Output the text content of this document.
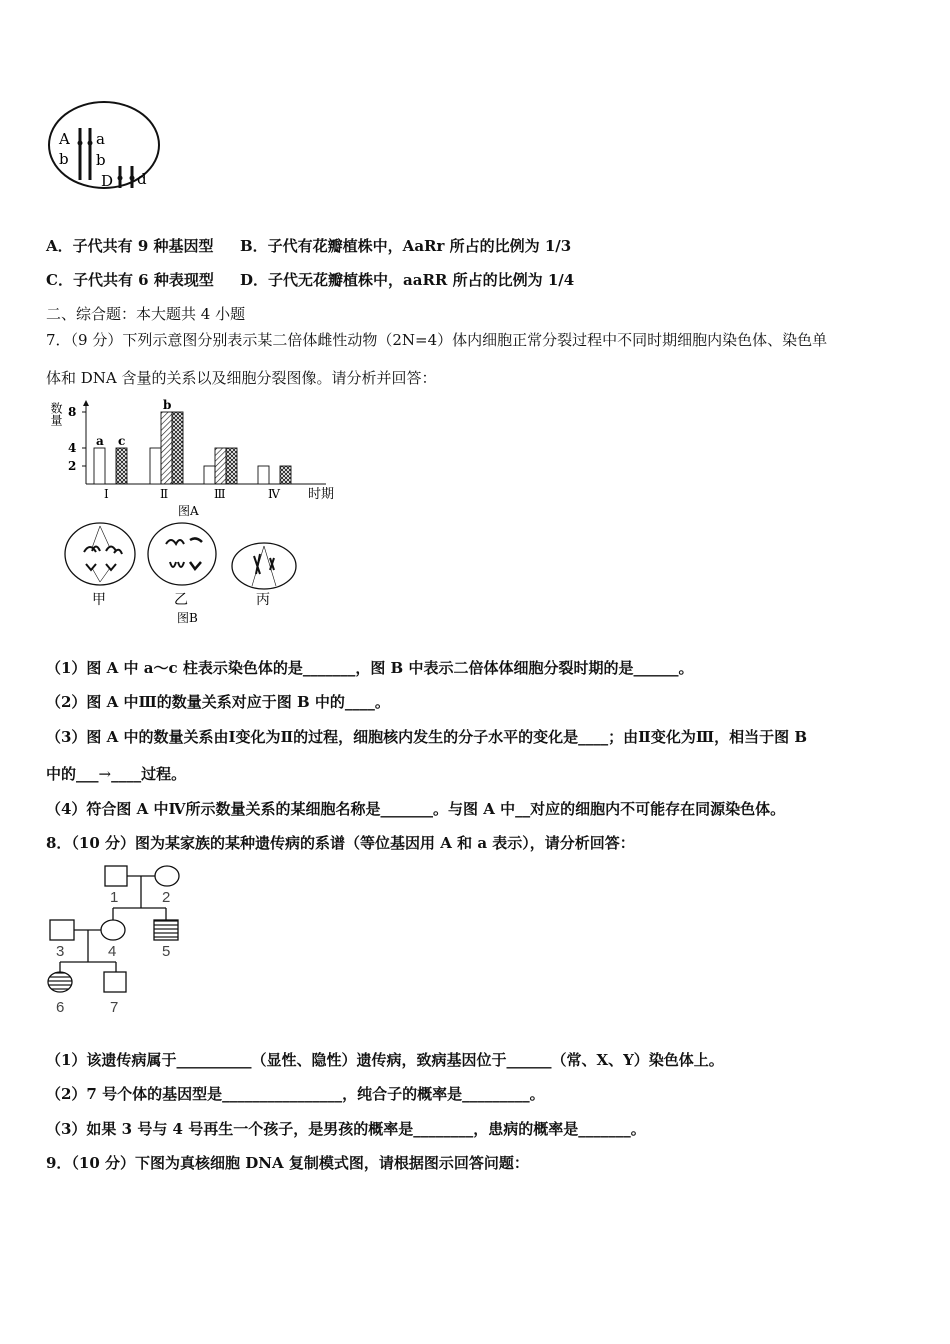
A a
b b
D d
A．子代共有 9 种基因型 B．子代有花瓣植株中，AaRr 所占的比例为 1/3
C．子代共有 6 种表现型 D．子代无花瓣植株中，aaRR 所占的比例为 1/4
二、综合题：本大题共 4 小题
7．（9 分）下列示意图分别表示某二倍体雌性动物（2N=4）体内细胞正常分裂过程中不同时期细胞内染色体、染色单
体和 DNA 含量的关系以及细胞分裂图像。请分析并回答：
数量
Ⅰ	Ⅱ	Ⅲ	Ⅳ
a
b
c
2
4
8
时期
图A
甲	乙	丙
图B
（1）图 A 中 a～c 柱表示染色体的是_______，图 B 中表示二倍体体细胞分裂时期的是______。
（2）图 A 中Ⅲ的数量关系对应于图 B 中的____。
（3）图 A 中的数量关系由Ⅰ变化为Ⅱ的过程，细胞核内发生的分子水平的变化是____；由Ⅱ变化为Ⅲ，相当于图 B
中的___→____过程。
（4）符合图 A 中Ⅳ所示数量关系的某细胞名称是_______。与图 A 中__对应的细胞内不可能存在同源染色体。
8．（10 分）图为某家族的某种遗传病的系谱（等位基因用 A 和 a 表示），请分析回答：
1	2
3	4	5
6	7
（1）该遗传病属于__________（显性、隐性）遗传病，致病基因位于______（常、X、Y）染色体上。
（2）7 号个体的基因型是________________，纯合子的概率是_________。
（3）如果 3 号与 4 号再生一个孩子，是男孩的概率是________，患病的概率是_______。
9．（10 分）下图为真核细胞 DNA 复制模式图，请根据图示回答问题：
